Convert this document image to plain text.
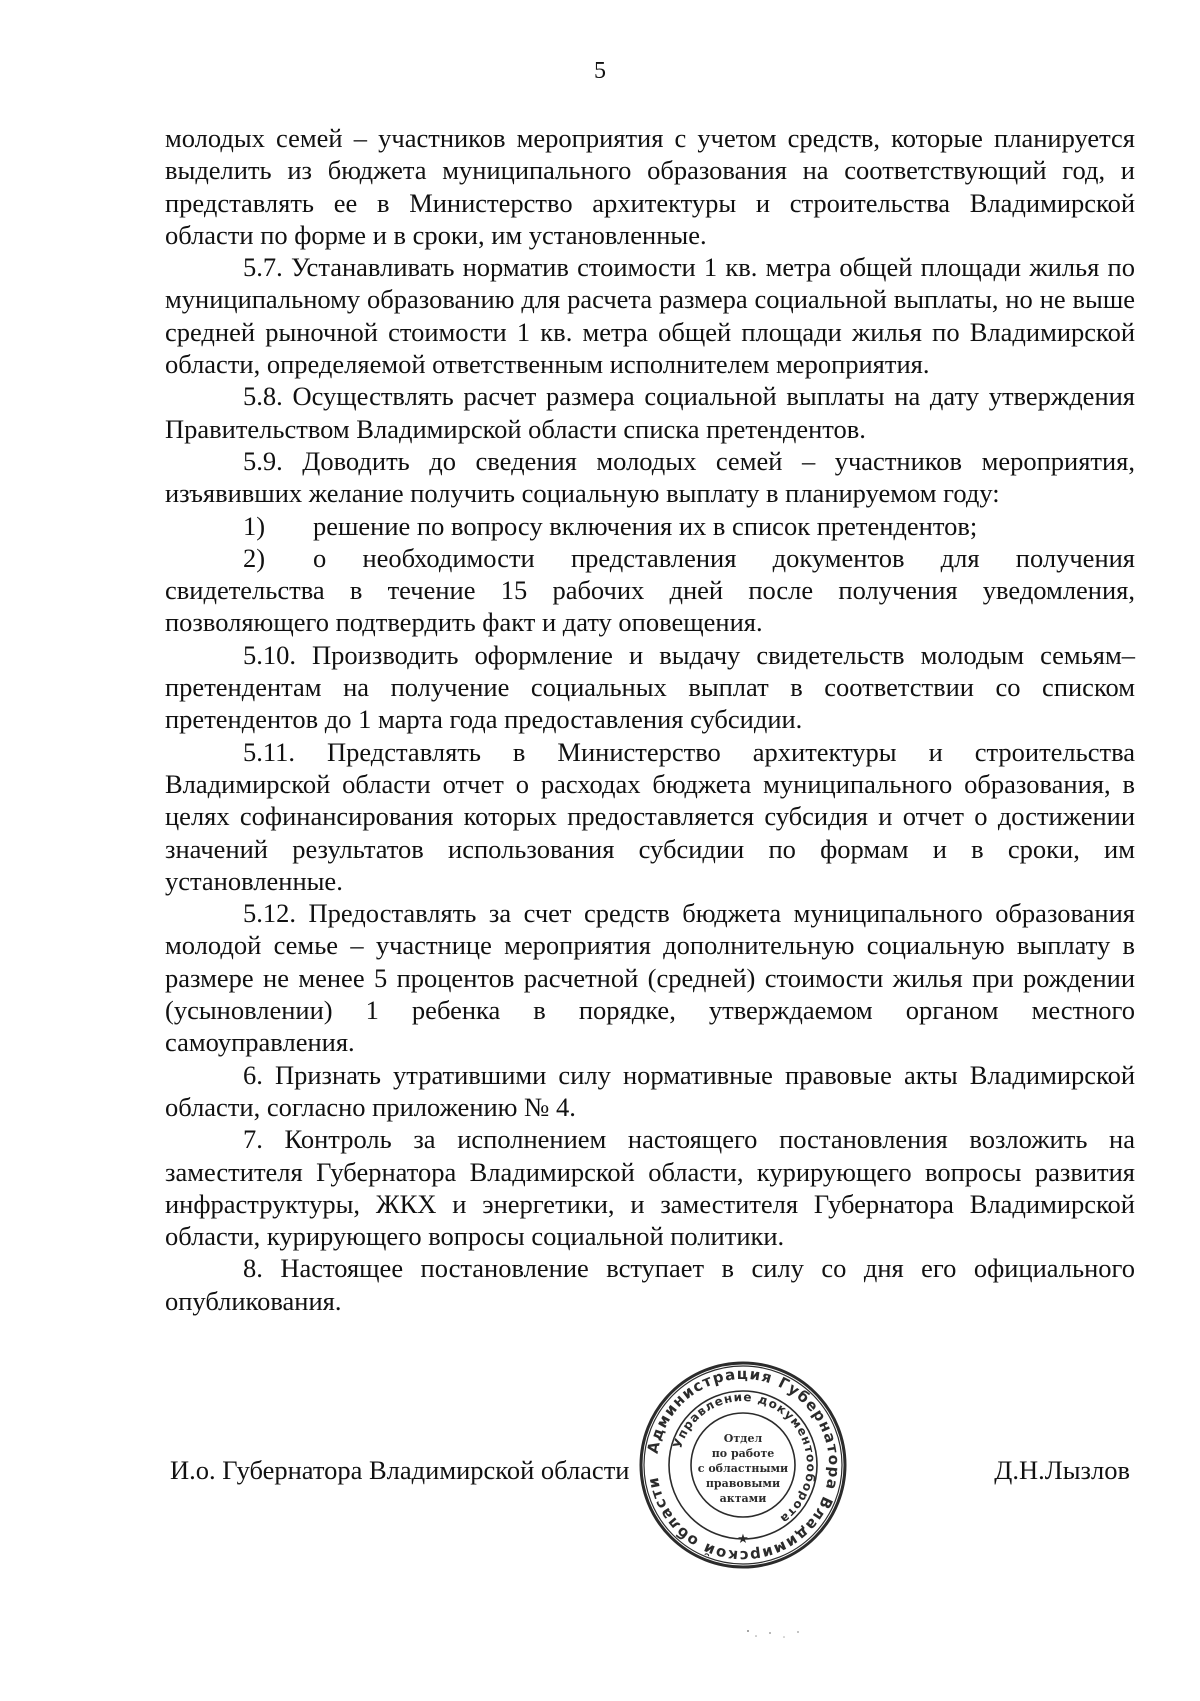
5

молодых семей – участников мероприятия с учетом средств, которые планируется выделить из бюджета муниципального образования на соответствующий год, и представлять ее в Министерство архитектуры и строительства Владимирской области по форме и в сроки, им установленные.

5.7. Устанавливать норматив стоимости 1 кв. метра общей площади жилья по муниципальному образованию для расчета размера социальной выплаты, но не выше средней рыночной стоимости 1 кв. метра общей площади жилья по Владимирской области, определяемой ответственным исполнителем мероприятия.

5.8. Осуществлять расчет размера социальной выплаты на дату утверждения Правительством Владимирской области списка претендентов.

5.9. Доводить до сведения молодых семей – участников мероприятия, изъявивших желание получить социальную выплату в планируемом году:

1) решение по вопросу включения их в список претендентов;

2) о необходимости представления документов для получения свидетельства в течение 15 рабочих дней после получения уведомления, позволяющего подтвердить факт и дату оповещения.

5.10. Производить оформление и выдачу свидетельств молодым семьям–претендентам на получение социальных выплат в соответствии со списком претендентов до 1 марта года предоставления субсидии.

5.11. Представлять в Министерство архитектуры и строительства Владимирской области отчет о расходах бюджета муниципального образования, в целях софинансирования которых предоставляется субсидия и отчет о достижении значений результатов использования субсидии по формам и в сроки, им установленные.

5.12. Предоставлять за счет средств бюджета муниципального образования молодой семье – участнице мероприятия дополнительную социальную выплату в размере не менее 5 процентов расчетной (средней) стоимости жилья при рождении (усыновлении) 1 ребенка в порядке, утверждаемом органом местного самоуправления.

6. Признать утратившими силу нормативные правовые акты Владимирской области, согласно приложению № 4.

7. Контроль за исполнением настоящего постановления возложить на заместителя Губернатора Владимирской области, курирующего вопросы развития инфраструктуры, ЖКХ и энергетики, и заместителя Губернатора Владимирской области, курирующего вопросы социальной политики.

8. Настоящее постановление вступает в силу со дня его официального опубликования.

И.о. Губернатора Владимирской области	Д.Н.Лызлов
Администрация Губернатора Владимирской области
Управление документооборота
★
Отдел
по работе
с областными
правовыми
актами
